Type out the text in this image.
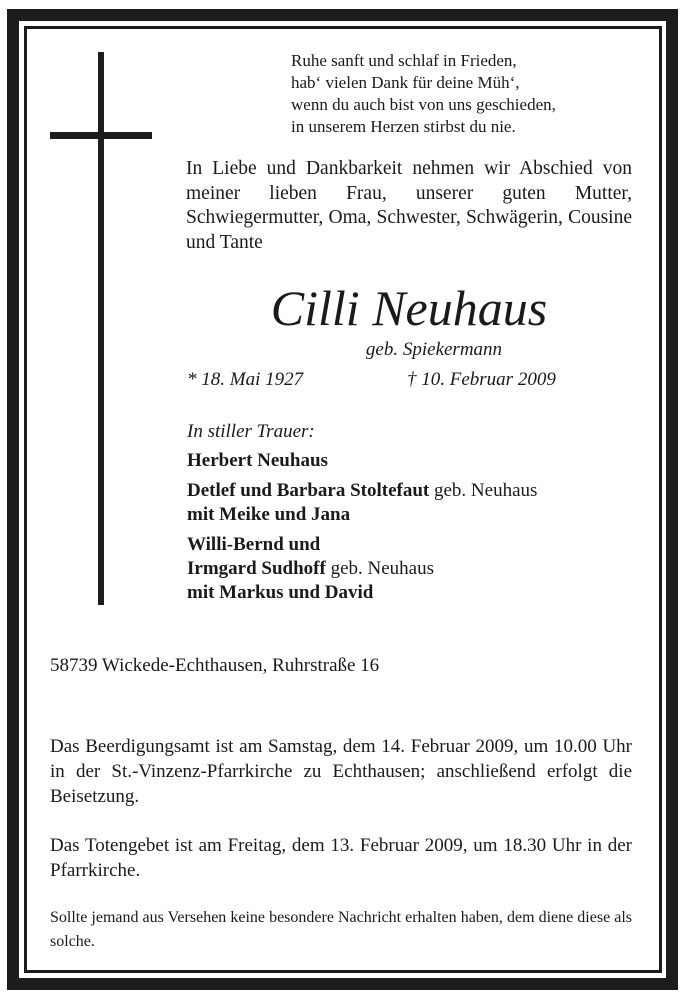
Ruhe sanft und schlaf in Frieden,
hab‘ vielen Dank für deine Müh‘,
wenn du auch bist von uns geschieden,
in unserem Herzen stirbst du nie.
In Liebe und Dankbarkeit nehmen wir Abschied von meiner lieben Frau, unserer guten Mutter, Schwiegermutter, Oma, Schwester, Schwägerin, Cousine und Tante
Cilli Neuhaus
geb. Spiekermann
* 18. Mai 1927	† 10. Februar 2009
In stiller Trauer:
Herbert Neuhaus
Detlef und Barbara Stoltefaut geb. Neuhaus
mit Meike und Jana
Willi-Bernd und
Irmgard Sudhoff geb. Neuhaus
mit Markus und David
58739 Wickede-Echthausen, Ruhrstraße 16
Das Beerdigungsamt ist am Samstag, dem 14. Februar 2009, um 10.00 Uhr in der St.-Vinzenz-Pfarrkirche zu Echthausen; anschließend erfolgt die Beisetzung.
Das Totengebet ist am Freitag, dem 13. Februar 2009, um 18.30 Uhr in der Pfarrkirche.
Sollte jemand aus Versehen keine besondere Nachricht erhalten haben, dem diene diese als solche.
